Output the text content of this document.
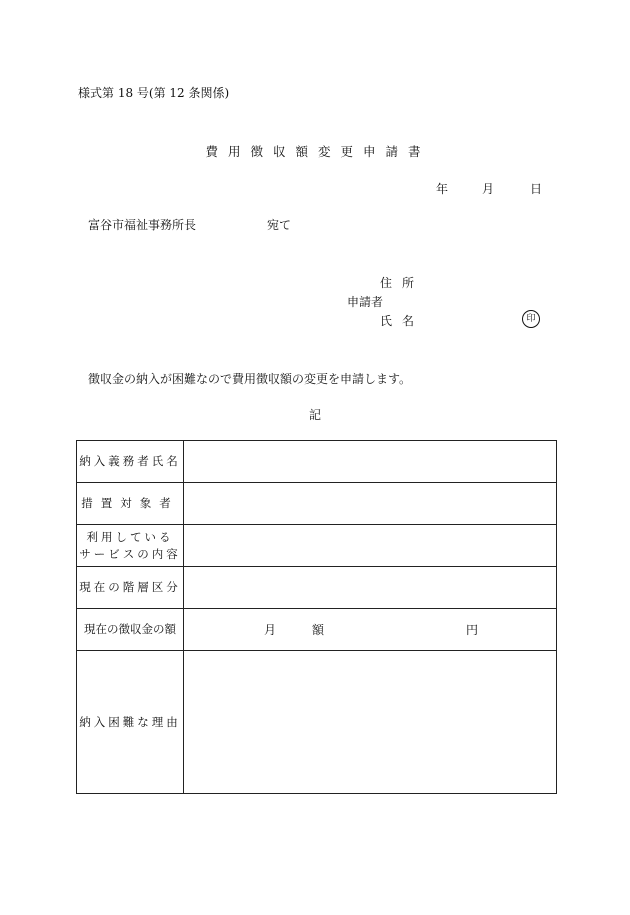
様式第 18 号(第 12 条関係)
費用徴収額変更申請書
年	月	日
富谷市福祉事務所長	宛て
住所
申請者
氏名	印
徴収金の納入が困難なので費用徴収額の変更を申請します。
記
納入義務者氏名	
措置対象者	
利用している
サービスの内容	
現在の階層区分	
現在の徴収金の額	月 額 円

納入困難な理由	
